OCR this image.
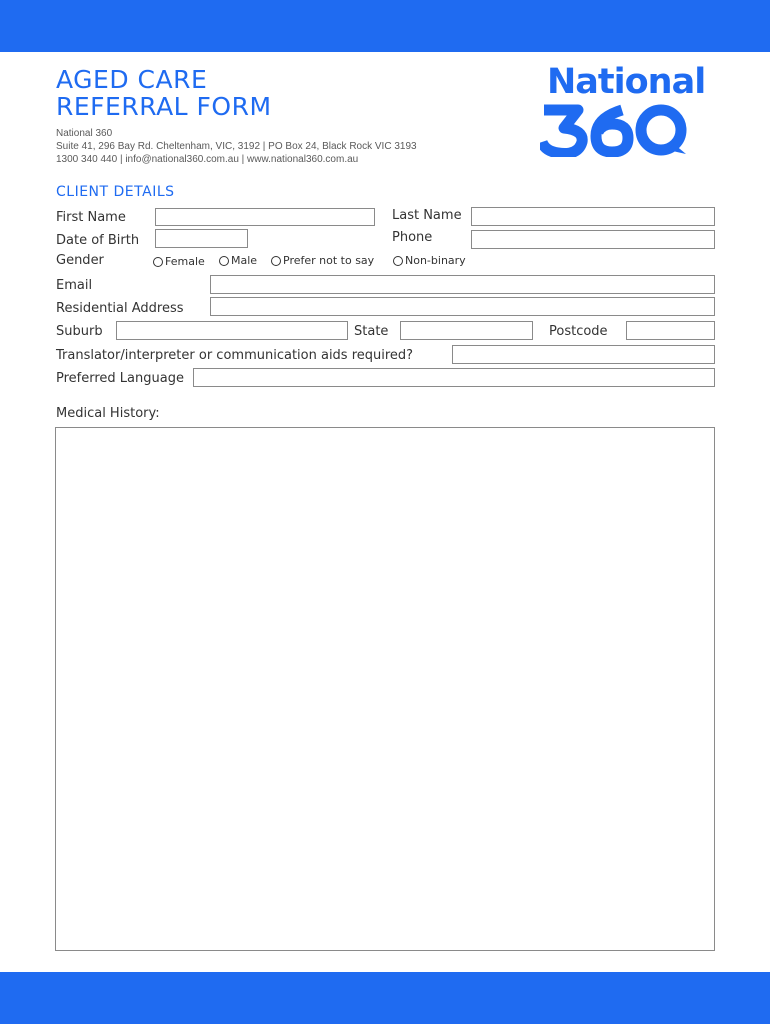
AGED CARE
REFERRAL FORM
National 360
Suite 41, 296 Bay Rd. Cheltenham, VIC, 3192 | PO Box 24, Black Rock VIC 3193
1300 340 440 | info@national360.com.au | www.national360.com.au
National
CLIENT DETAILS
First Name	Last Name
Date of Birth	Phone
Gender	Female Male Prefer not to say	Non-binary
Email
Residential Address
Suburb	State	Postcode
Translator/interpreter or communication aids required?
Preferred Language
Medical History:
